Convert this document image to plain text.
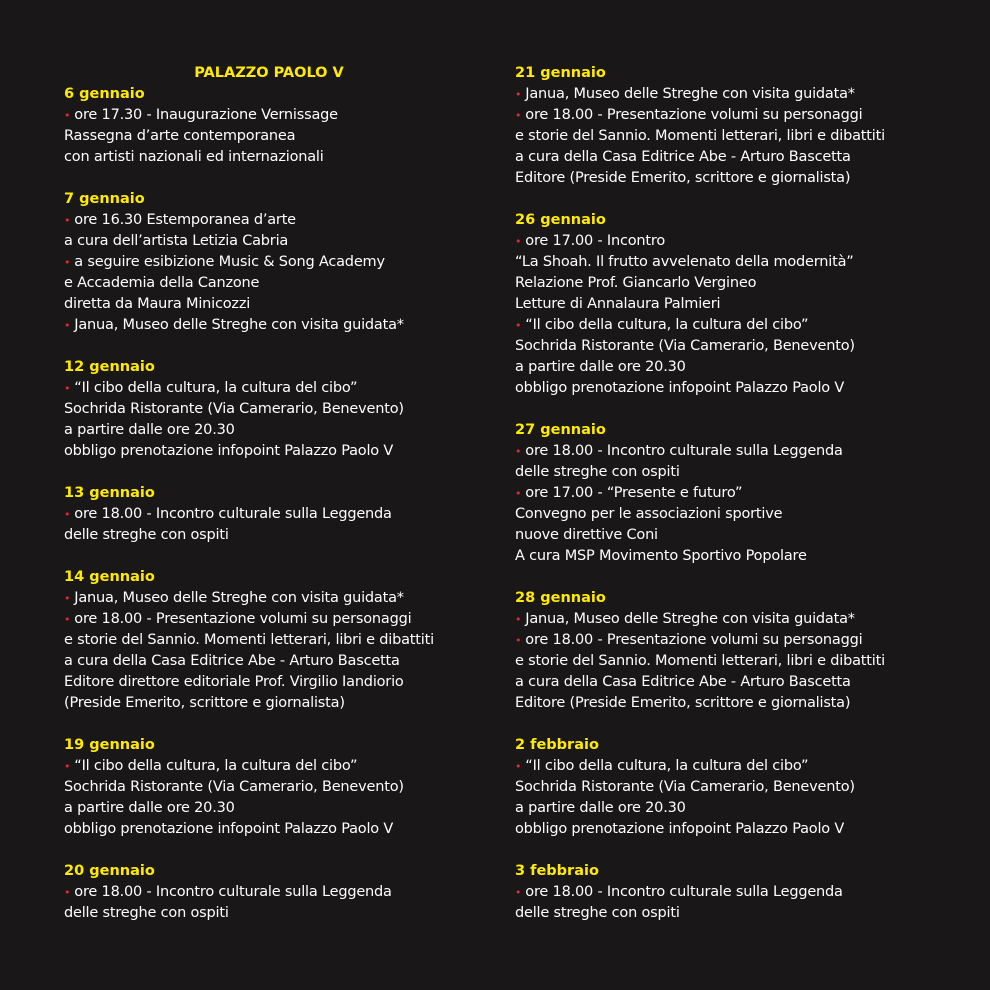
PALAZZO PAOLO V
6 gennaio
• ore 17.30 - Inaugurazione Vernissage
Rassegna d’arte contemporanea
con artisti nazionali ed internazionali
7 gennaio
• ore 16.30 Estemporanea d’arte
a cura dell’artista Letizia Cabria
• a seguire esibizione Music & Song Academy
e Accademia della Canzone
diretta da Maura Minicozzi
• Janua, Museo delle Streghe con visita guidata*
12 gennaio
• “Il cibo della cultura, la cultura del cibo”
Sochrida Ristorante (Via Camerario, Benevento)
a partire dalle ore 20.30
obbligo prenotazione infopoint Palazzo Paolo V
13 gennaio
• ore 18.00 - Incontro culturale sulla Leggenda
delle streghe con ospiti
14 gennaio
• Janua, Museo delle Streghe con visita guidata*
• ore 18.00 - Presentazione volumi su personaggi
e storie del Sannio. Momenti letterari, libri e dibattiti
a cura della Casa Editrice Abe - Arturo Bascetta
Editore direttore editoriale Prof. Virgilio Iandiorio
(Preside Emerito, scrittore e giornalista)
19 gennaio
• “Il cibo della cultura, la cultura del cibo”
Sochrida Ristorante (Via Camerario, Benevento)
a partire dalle ore 20.30
obbligo prenotazione infopoint Palazzo Paolo V
20 gennaio
• ore 18.00 - Incontro culturale sulla Leggenda
delle streghe con ospiti
21 gennaio
• Janua, Museo delle Streghe con visita guidata*
• ore 18.00 - Presentazione volumi su personaggi
e storie del Sannio. Momenti letterari, libri e dibattiti
a cura della Casa Editrice Abe - Arturo Bascetta
Editore (Preside Emerito, scrittore e giornalista)
26 gennaio
• ore 17.00 - Incontro
“La Shoah. Il frutto avvelenato della modernità”
Relazione Prof. Giancarlo Vergineo
Letture di Annalaura Palmieri
• “Il cibo della cultura, la cultura del cibo”
Sochrida Ristorante (Via Camerario, Benevento)
a partire dalle ore 20.30
obbligo prenotazione infopoint Palazzo Paolo V
27 gennaio
• ore 18.00 - Incontro culturale sulla Leggenda
delle streghe con ospiti
• ore 17.00 - “Presente e futuro”
Convegno per le associazioni sportive
nuove direttive Coni
A cura MSP Movimento Sportivo Popolare
28 gennaio
• Janua, Museo delle Streghe con visita guidata*
• ore 18.00 - Presentazione volumi su personaggi
e storie del Sannio. Momenti letterari, libri e dibattiti
a cura della Casa Editrice Abe - Arturo Bascetta
Editore (Preside Emerito, scrittore e giornalista)
2 febbraio
• “Il cibo della cultura, la cultura del cibo”
Sochrida Ristorante (Via Camerario, Benevento)
a partire dalle ore 20.30
obbligo prenotazione infopoint Palazzo Paolo V
3 febbraio
• ore 18.00 - Incontro culturale sulla Leggenda
delle streghe con ospiti
